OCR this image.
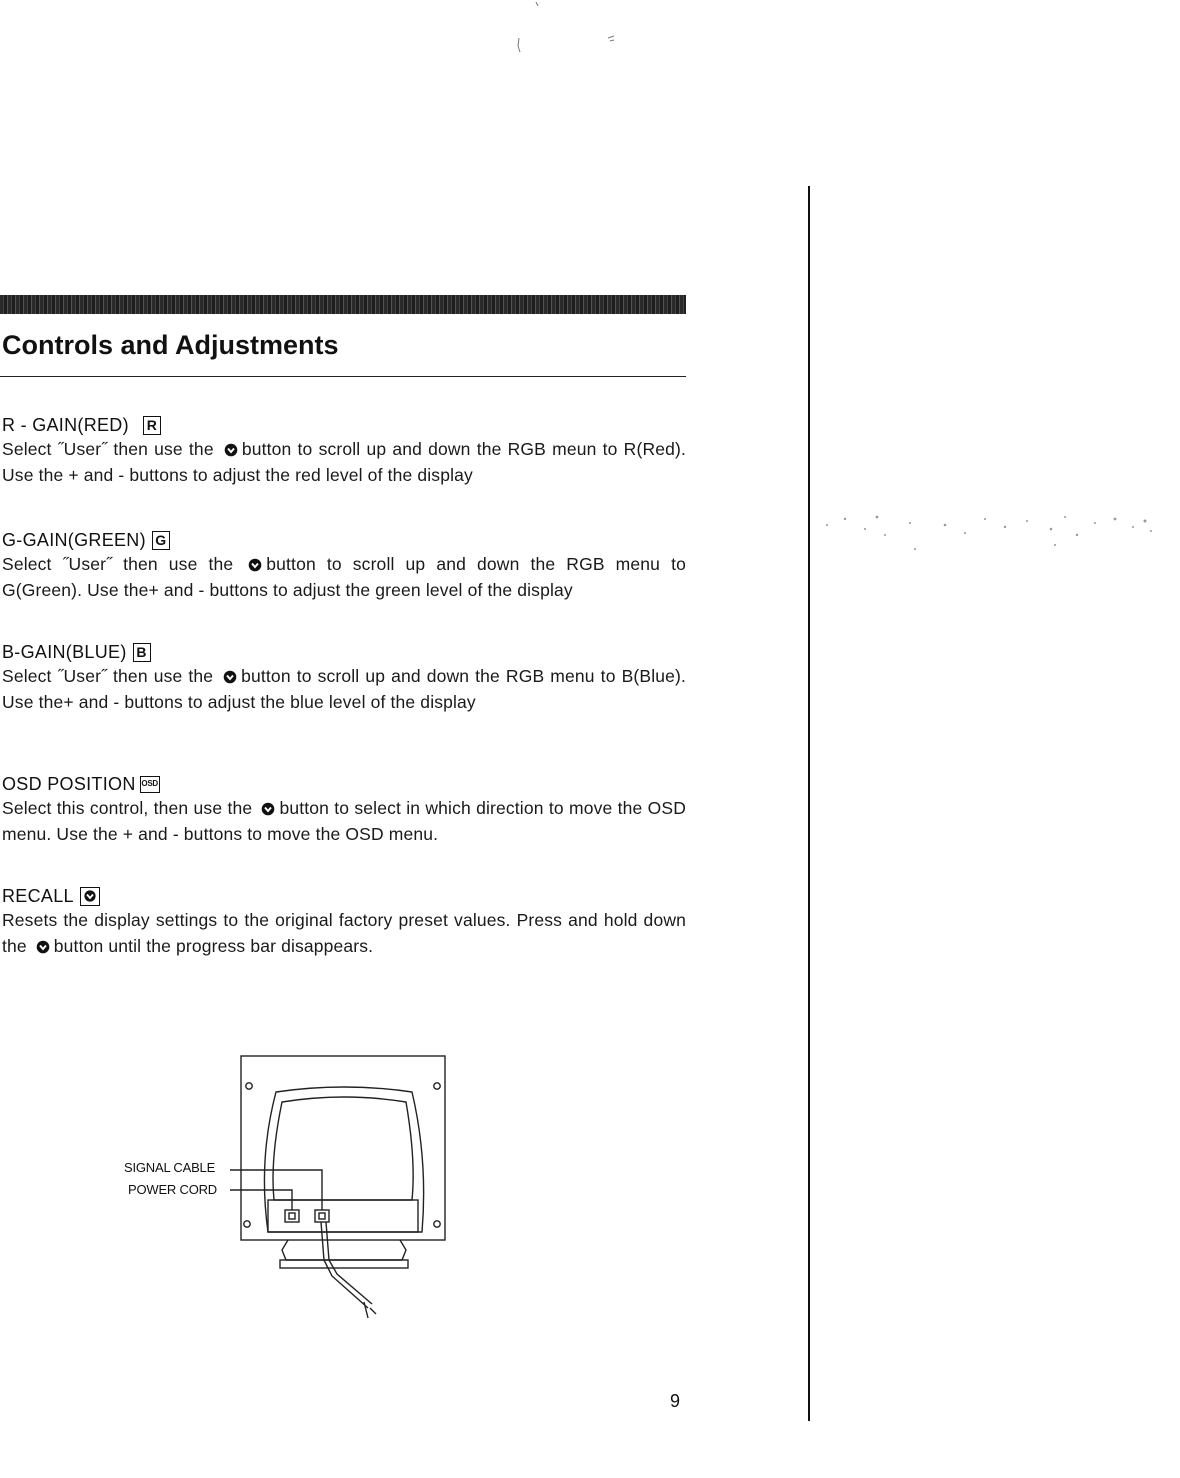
Controls and Adjustments
R - GAIN(RED) R
Select ˝User˝ then use the button to scroll up and down the RGB meun to R(Red). Use the + and - buttons to adjust the red level of the display
G-GAIN(GREEN) G
Select ˝User˝ then use the button to scroll up and down the RGB menu to G(Green). Use the+ and - buttons to adjust the green level of the display
B-GAIN(BLUE) B
Select ˝User˝ then use the button to scroll up and down the RGB menu to B(Blue). Use the+ and - buttons to adjust the blue level of the display
OSD POSITION OSD
Select this control, then use the button to select in which direction to move the OSD menu. Use the + and - buttons to move the OSD menu.
RECALL
Resets the display settings to the original factory preset values. Press and hold down the button until the progress bar disappears.
SIGNAL CABLE
POWER CORD
9
